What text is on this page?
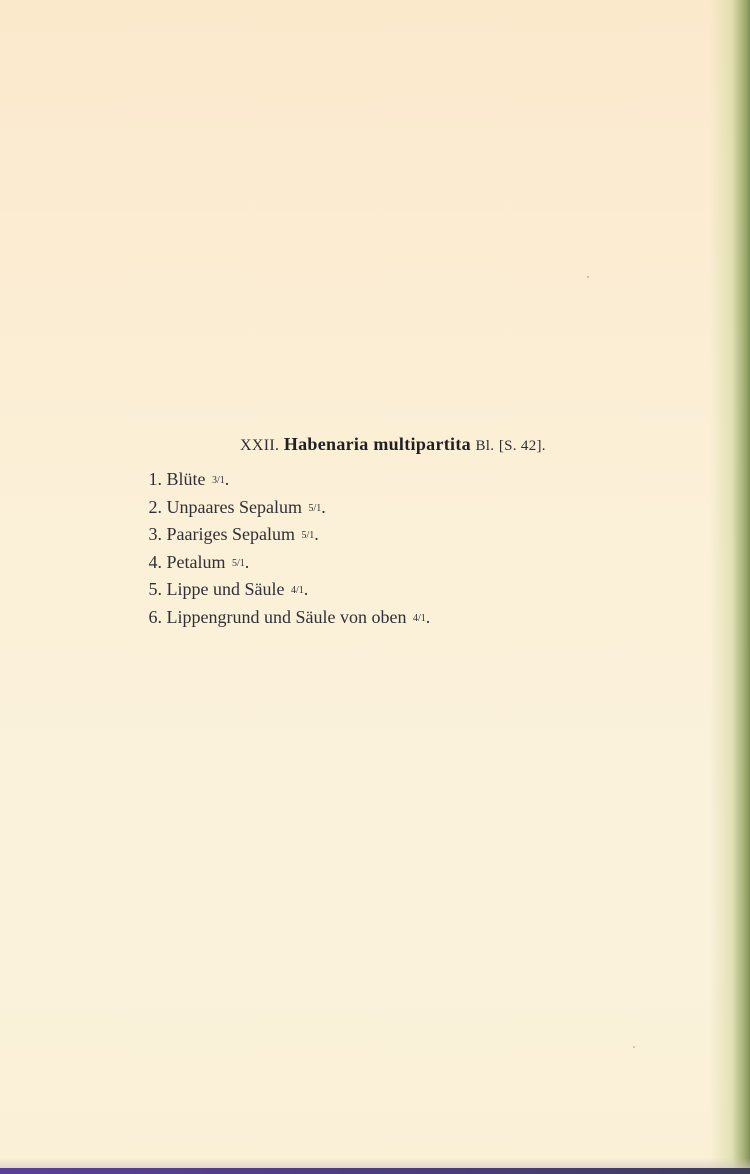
XXII. Habenaria multipartita Bl. [S. 42].
1. Blüte 3/1.
2. Unpaares Sepalum 5/1.
3. Paariges Sepalum 5/1.
4. Petalum 5/1.
5. Lippe und Säule 4/1.
6. Lippengrund und Säule von oben 4/1.
